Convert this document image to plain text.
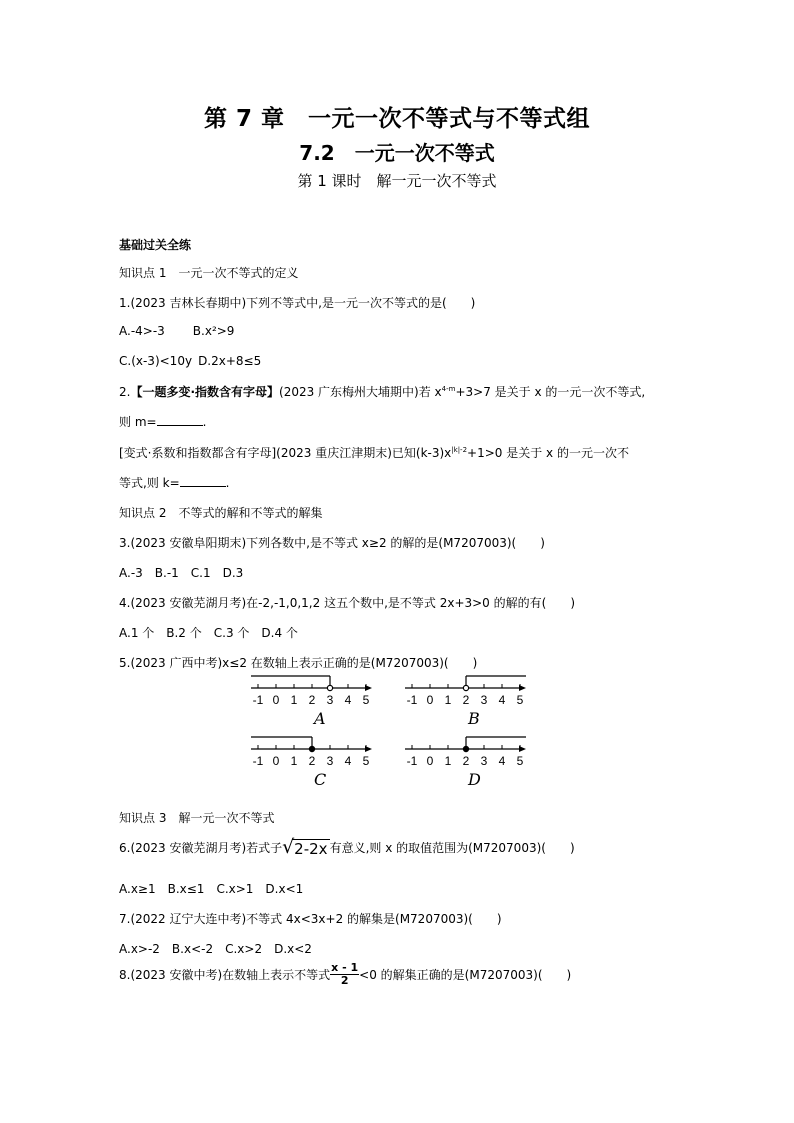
第 7 章　一元一次不等式与不等式组
7.2　一元一次不等式
第 1 课时　解一元一次不等式
基础过关全练
知识点 1　一元一次不等式的定义
1.(2023 吉林长春期中)下列不等式中,是一元一次不等式的是(　　)
A.-4>-3 B.x²>9
C.(x-3)<10y D.2x+8≤5
2.【一题多变·指数含有字母】(2023 广东梅州大埔期中)若 $x^{4-m}+3>7$ 是关于 x 的一元一次不等式,
则 m=	.
[变式·系数和指数都含有字母](2023 重庆江津期末)已知$(k-3)x^{|k|-2}+1>0$ 是关于 x 的一元一次不
等式,则 k=	.
知识点 2　不等式的解和不等式的解集
3.(2023 安徽阜阳期末)下列各数中,是不等式 x≥2 的解的是(M7207003)(　　)
A.-3　B.-1　C.1　D.3
4.(2023 安徽芜湖月考)在-2,-1,0,1,2 这五个数中,是不等式 2x+3>0 的解的有(　　)
A.1 个　B.2 个　C.3 个　D.4 个
5.(2023 广西中考)x≤2 在数轴上表示正确的是(M7207003)(　　)
-1 0 1 2 3 4 5	-1 0 1 2 3 4 5
-1 0 1 2 3 4 5	-1 0 1 2 3 4 5
A	B
C	D
知识点 3　解一元一次不等式
6.(2023 安徽芜湖月考)若式子 √ 2-2x 有意义,则 x 的取值范围为(M7207003)(　　)
A.x≥1　B.x≤1　C.x>1　D.x<1
7.(2022 辽宁大连中考)不等式 4x<3x+2 的解集是(M7207003)(　　)
A.x>-2　B.x<-2　C.x>2　D.x<2
8.(2023 安徽中考)在数轴上表示不等式 $\frac{x - 1}{2} <0$ 的解集正确的是(M7207003)(　　)
